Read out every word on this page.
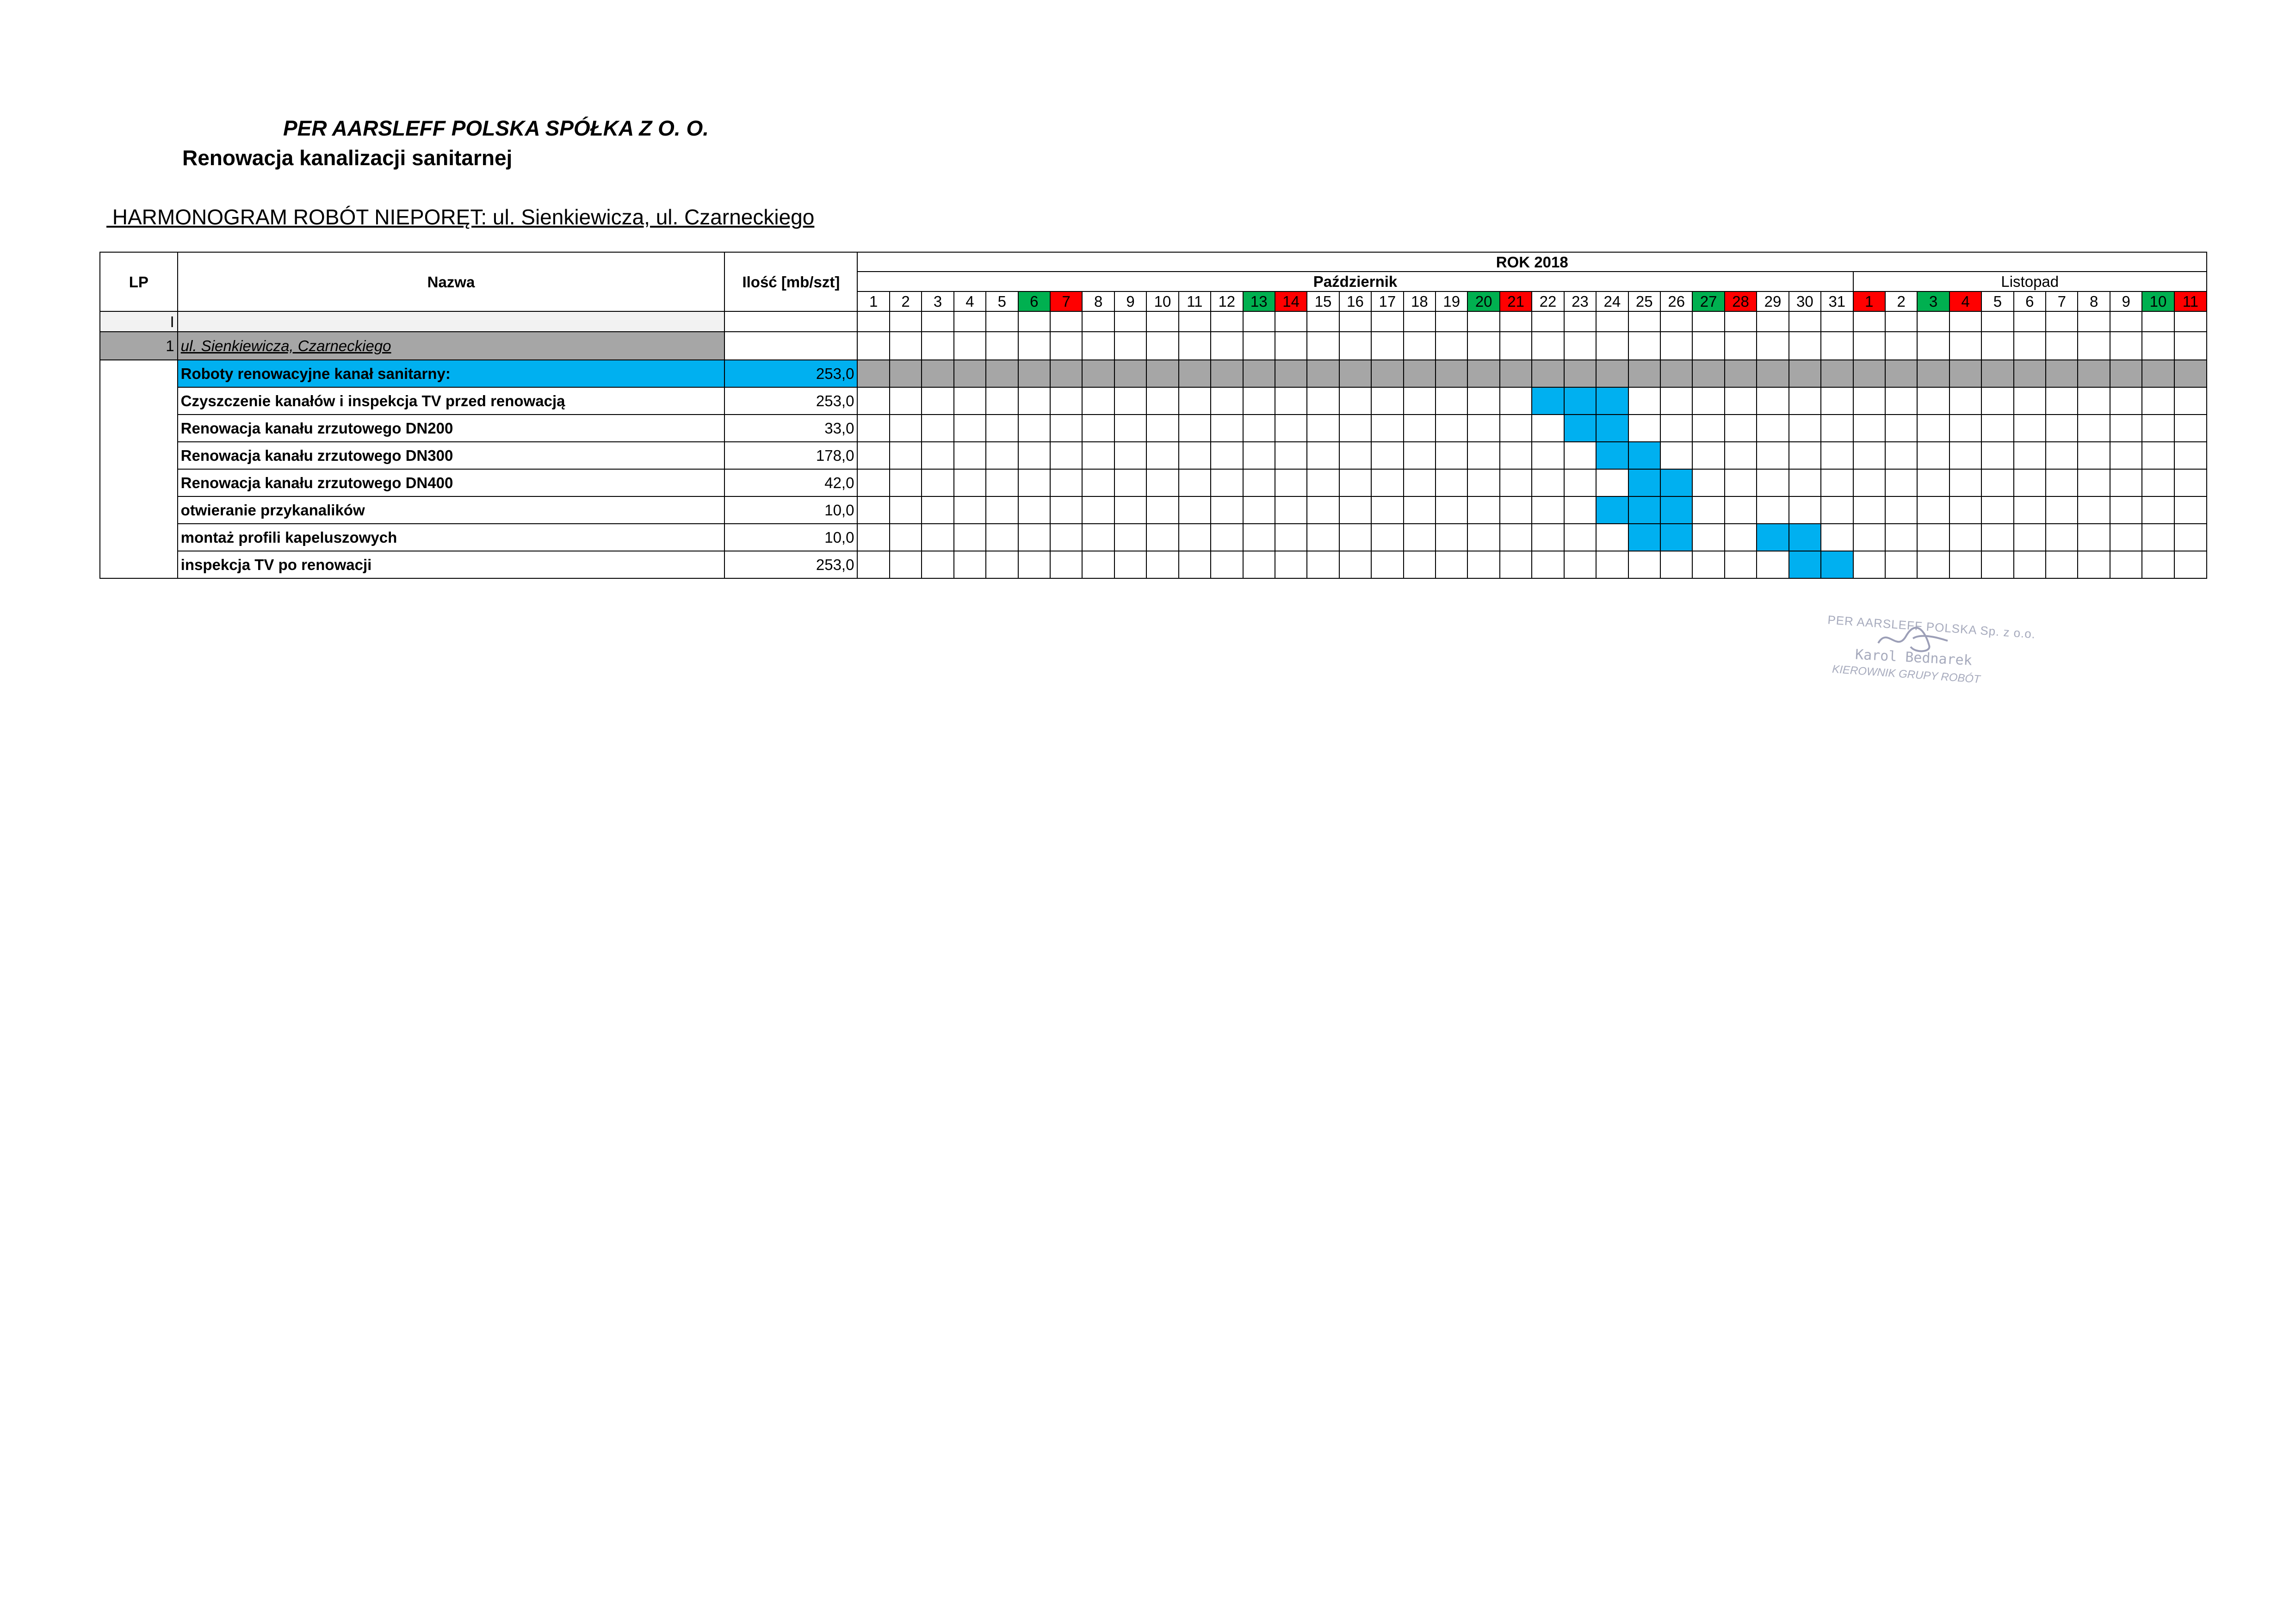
PER AARSLEFF POLSKA SPÓŁKA Z O. O.
Renowacja kanalizacji sanitarnej
HARMONOGRAM ROBÓT NIEPORĘT: ul. Sienkiewicza, ul. Czarneckiego
LP	Nazwa	Ilość [mb/szt]	ROK 2018																																									
			Październik																															Listopad										
			1	2	3	4	5	6	7	8	9	10	11	12	13	14	15	16	17	18	19	20	21	22	23	24	25	26	27	28	29	30	31	1	2	3	4	5	6	7	8	9	10	11
I																																												
1	ul. Sienkiewicza, Czarneckiego																																											
	Roboty renowacyjne kanał sanitarny:	253,0																																										
	Czyszczenie kanałów i inspekcja TV przed renowacją	253,0																																										
	Renowacja kanału zrzutowego DN200	33,0																																										
	Renowacja kanału zrzutowego DN300	178,0																																										
	Renowacja kanału zrzutowego DN400	42,0																																										
	otwieranie przykanalików	10,0																																										
	montaż profili kapeluszowych	10,0																																										
	inspekcja TV po renowacji	253,0																																										
PER AARSLEFF POLSKA Sp. z o.o.
Karol Bednarek
KIEROWNIK GRUPY ROBÓT
